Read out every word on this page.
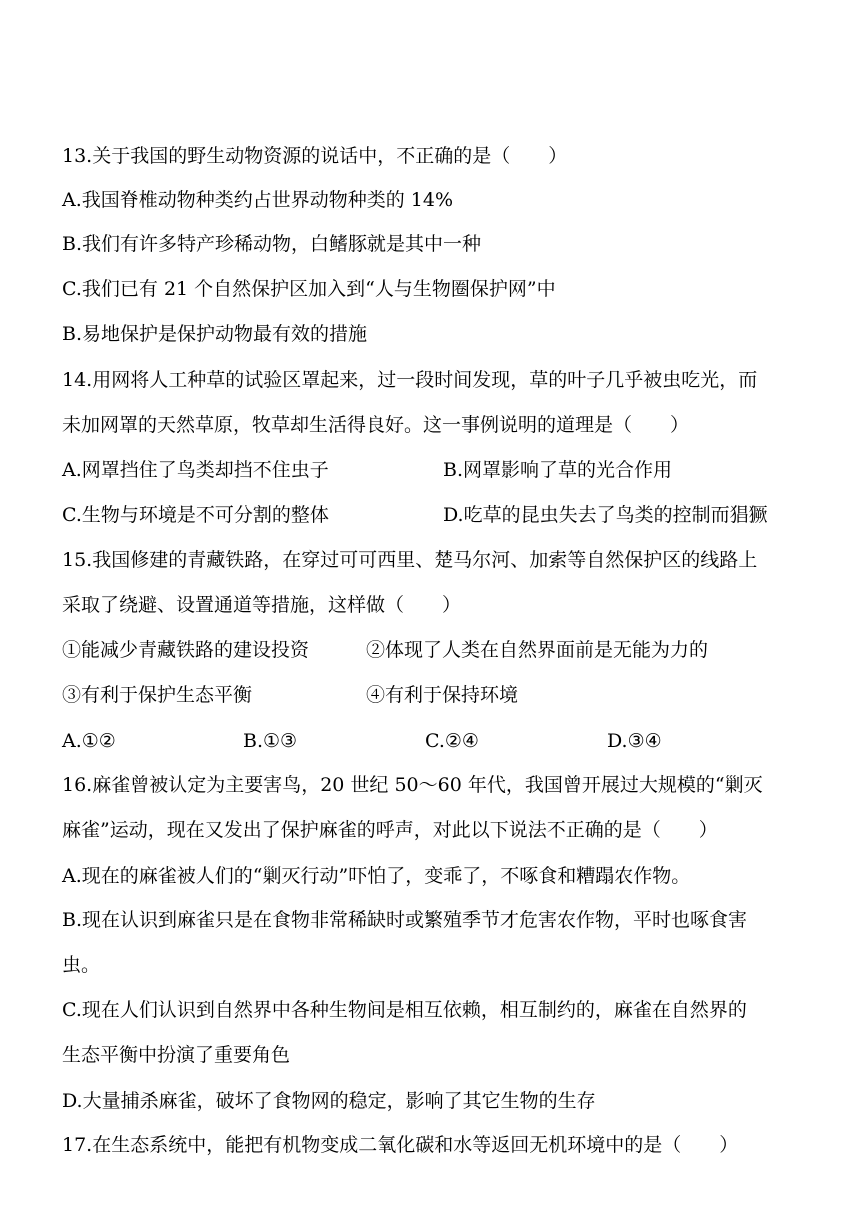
13.关于我国的野生动物资源的说话中，不正确的是（　　）
A.我国脊椎动物种类约占世界动物种类的 14%
B.我们有许多特产珍稀动物，白鳍豚就是其中一种
C.我们已有 21 个自然保护区加入到“人与生物圈保护网”中
B.易地保护是保护动物最有效的措施
14.用网将人工种草的试验区罩起来，过一段时间发现，草的叶子几乎被虫吃光，而
未加网罩的天然草原，牧草却生活得良好。这一事例说明的道理是（　　）
A.网罩挡住了鸟类却挡不住虫子	B.网罩影响了草的光合作用
C.生物与环境是不可分割的整体	D.吃草的昆虫失去了鸟类的控制而猖獗
15.我国修建的青藏铁路，在穿过可可西里、楚马尔河、加索等自然保护区的线路上
采取了绕避、设置通道等措施，这样做（　　）
①能减少青藏铁路的建设投资	②体现了人类在自然界面前是无能为力的
③有利于保护生态平衡	④有利于保持环境
A.①②	B.①③	C.②④	D.③④
16.麻雀曾被认定为主要害鸟，20 世纪 50～60 年代，我国曾开展过大规模的“剿灭
麻雀”运动，现在又发出了保护麻雀的呼声，对此以下说法不正确的是（　　）
A.现在的麻雀被人们的“剿灭行动”吓怕了，变乖了，不啄食和糟蹋农作物。
B.现在认识到麻雀只是在食物非常稀缺时或繁殖季节才危害农作物，平时也啄食害
虫。
C.现在人们认识到自然界中各种生物间是相互依赖，相互制约的，麻雀在自然界的
生态平衡中扮演了重要角色
D.大量捕杀麻雀，破坏了食物网的稳定，影响了其它生物的生存
17.在生态系统中，能把有机物变成二氧化碳和水等返回无机环境中的是（　　）
